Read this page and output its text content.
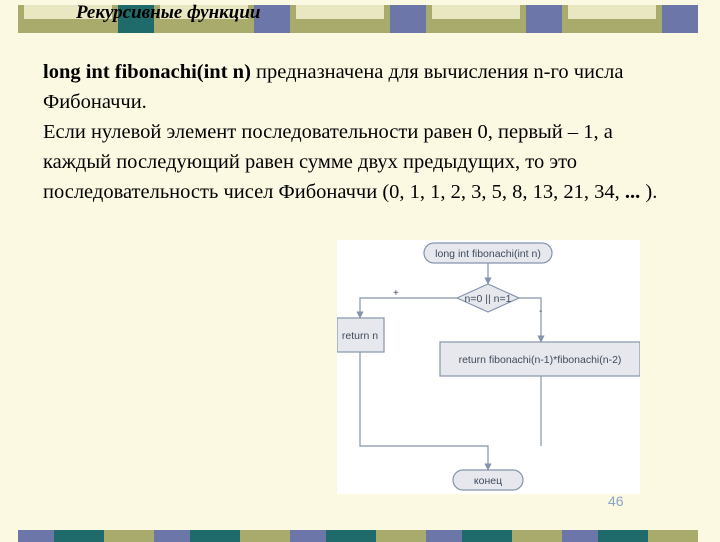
Рекурсивные функции

long int fibonachi(int n) предназначена для вычисления n-го числа Фибоначчи.

Если нулевой элемент последовательности равен 0, первый – 1, а каждый последующий равен сумме двух предыдущих, то это последовательность чисел Фибоначчи (0, 1, 1, 2, 3, 5, 8, 13, 21, 34, ... ).

long int fibonachi(int n)
n=0 || n=1
+
-
return n
return fibonachi(n-1)*fibonachi(n-2)
конец
46
